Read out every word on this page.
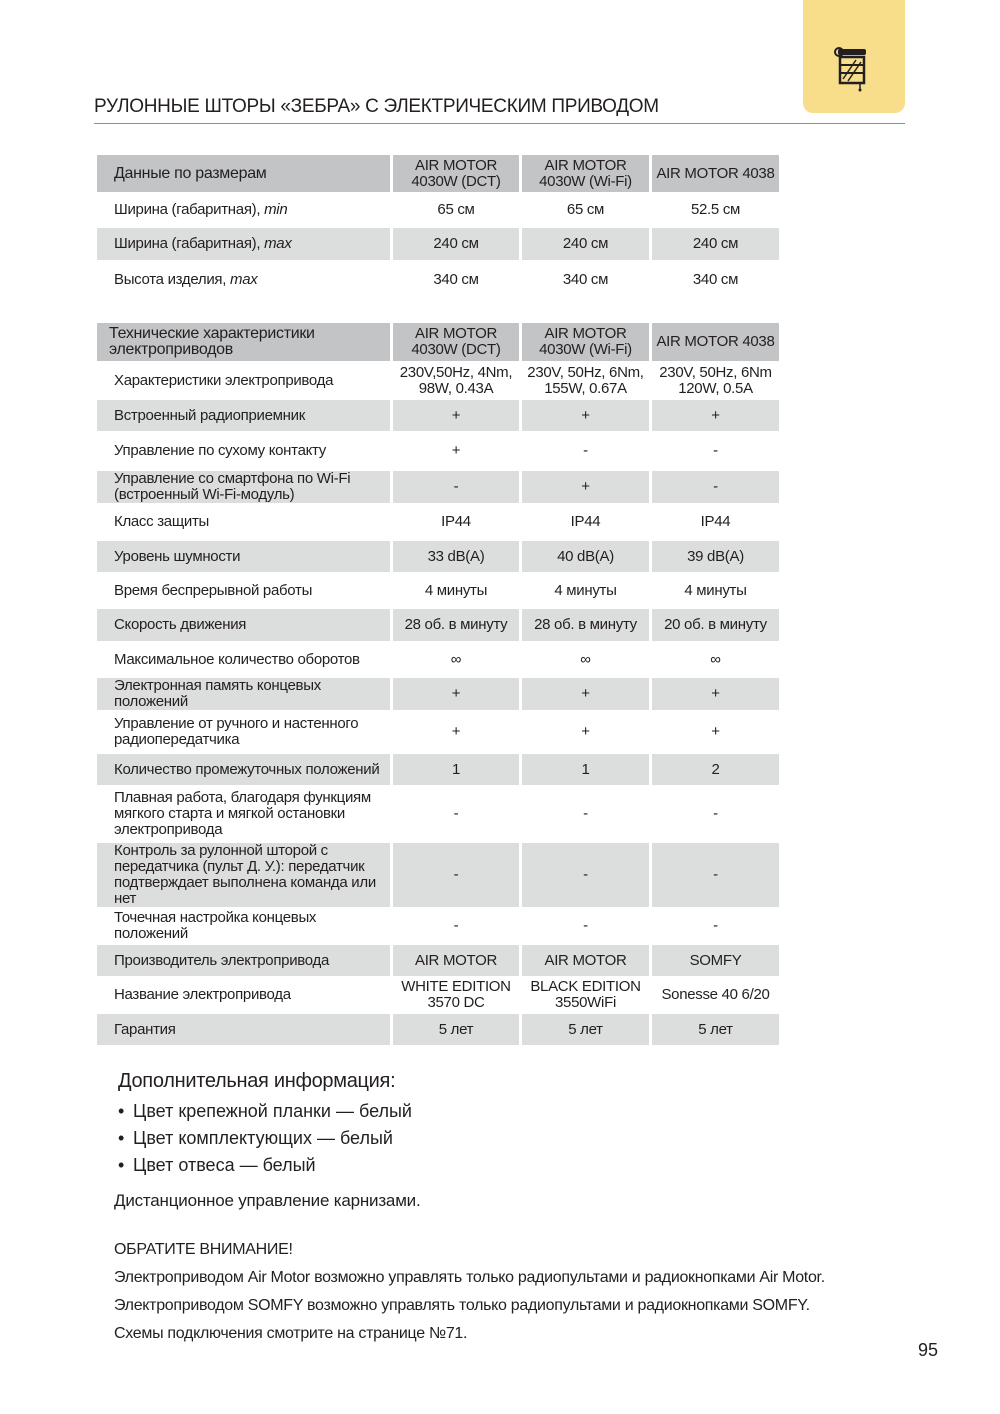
РУЛОННЫЕ ШТОРЫ «ЗЕБРА» С ЭЛЕКТРИЧЕСКИМ ПРИВОДОМ
Данные по размерам	AIR MOTOR 4030W (DCT)	AIR MOTOR 4030W (Wi-Fi)	AIR MOTOR 4038
Ширина (габаритная), min	65 см	65 см	52.5 см
Ширина (габаритная), max	240 см	240 см	240 см
Высота изделия, max	340 см	340 см	340 см
Технические характеристики электроприводов	AIR MOTOR 4030W (DCT)	AIR MOTOR 4030W (Wi-Fi)	AIR MOTOR 4038
Характеристики электропривода	230V,50Hz, 4Nm, 98W, 0.43A	230V, 50Hz, 6Nm, 155W, 0.67A	230V, 50Hz, 6Nm 120W, 0.5A
Встроенный радиоприемник	+	+	+
Управление по сухому контакту	+	-	-
Управление со смартфона по Wi-Fi (встроенный Wi-Fi-модуль)	-	+	-
Класс защиты	IP44	IP44	IP44
Уровень шумности	33 dB(A)	40 dB(A)	39 dB(A)
Время беспрерывной работы	4 минуты	4 минуты	4 минуты
Скорость движения	28 об. в минуту	28 об. в минуту	20 об. в минуту
Максимальное количество оборотов	∞	∞	∞
Электронная память концевых положений	+	+	+
Управление от ручного и настенного радиопередатчика	+	+	+
Количество промежуточных положений	1	1	2
Плавная работа, благодаря функциям мягкого старта и мягкой остановки электропривода	-	-	-
Контроль за рулонной шторой с передатчика (пульт Д. У.): передатчик подтверждает выполнена команда или нет	-	-	-
Точечная настройка концевых положений	-	-	-
Производитель электропривода	AIR MOTOR	AIR MOTOR	SOMFY
Название электропривода	WHITE EDITION 3570 DC	BLACK EDITION 3550WiFi	Sonesse 40 6/20
Гарантия	5 лет	5 лет	5 лет
Дополнительная информация:
• Цвет крепежной планки — белый
• Цвет комплектующих — белый
• Цвет отвеса — белый
Дистанционное управление карнизами.
ОБРАТИТЕ ВНИМАНИЕ!
Электроприводом Air Motor возможно управлять только радиопультами и радиокнопками Air Motor.
Электроприводом SOMFY возможно управлять только радиопультами и радиокнопками SOMFY.
Схемы подключения смотрите на странице №71.
95
